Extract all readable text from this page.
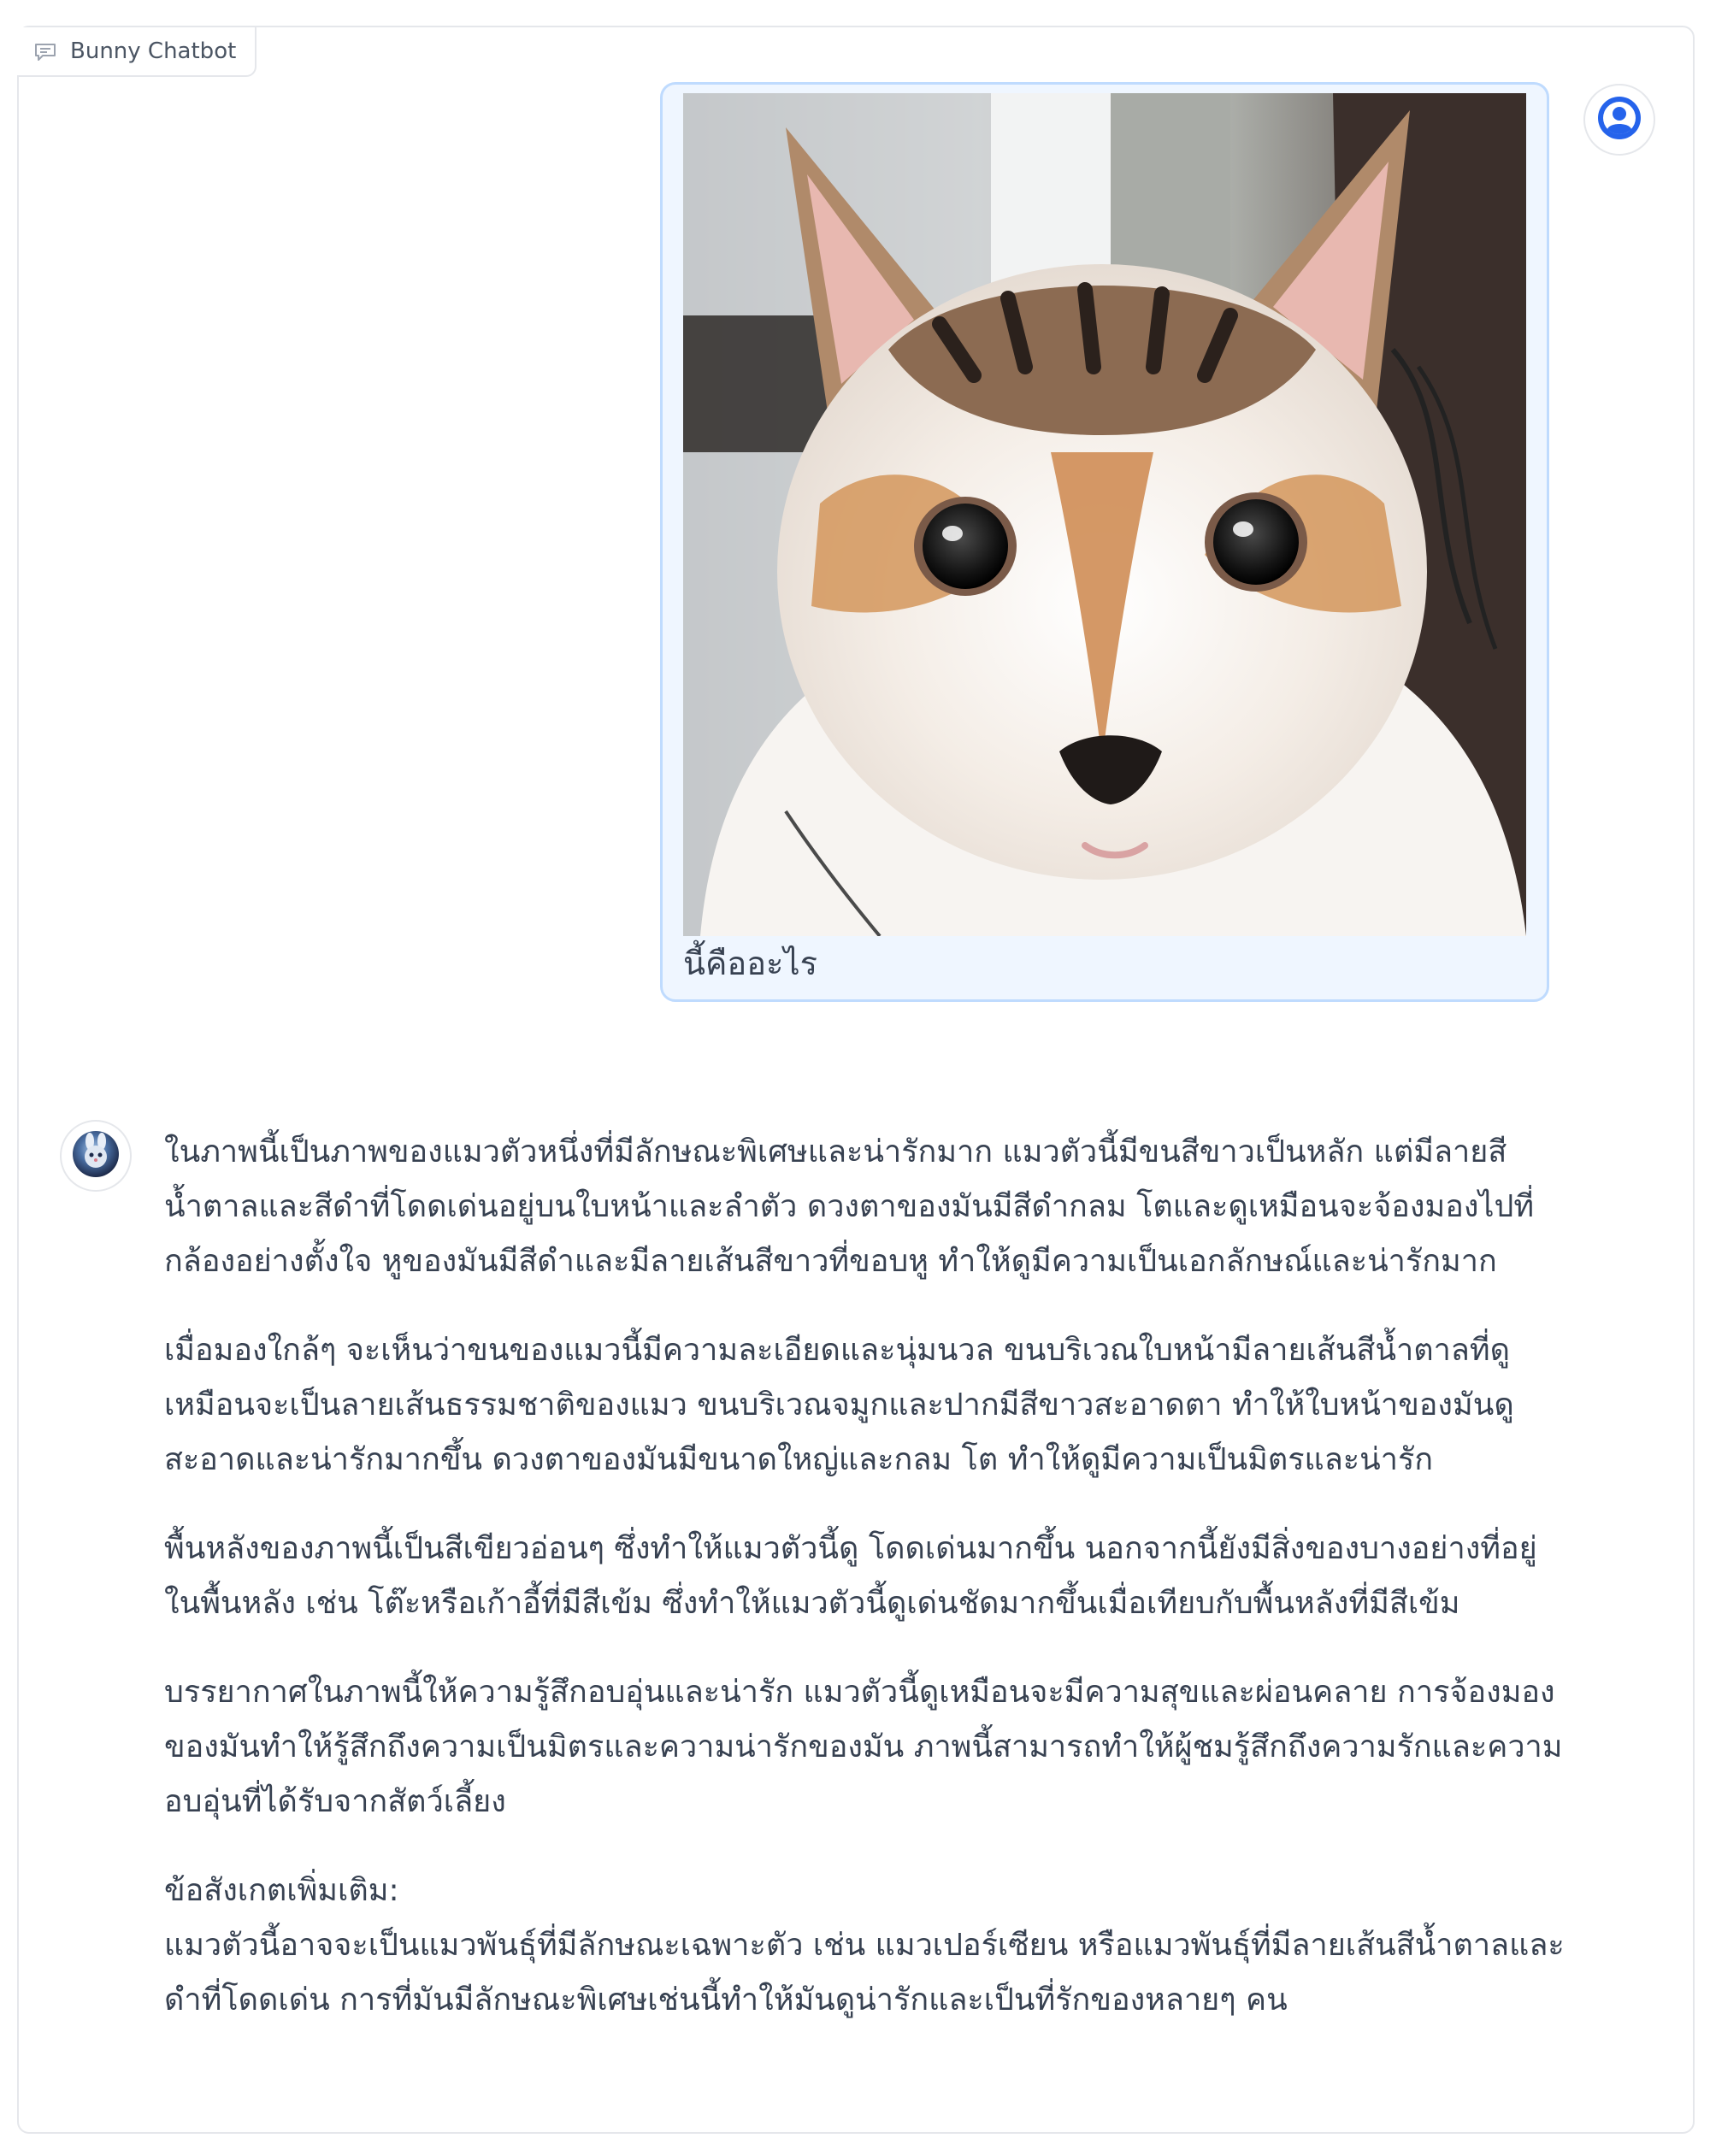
Bunny Chatbot
นี้คืออะไร

ในภาพนี้เป็นภาพของแมวตัวหนึ่งที่มีลักษณะพิเศษและน่ารักมาก แมวตัวนี้มีขนสีขาวเป็นหลัก แต่มีลายสี
น้ำตาลและสีดำที่โดดเด่นอยู่บนใบหน้าและลำตัว ดวงตาของมันมีสีดำกลม โตและดูเหมือนจะจ้องมองไปที่
กล้องอย่างตั้งใจ หูของมันมีสีดำและมีลายเส้นสีขาวที่ขอบหู ทำให้ดูมีความเป็นเอกลักษณ์และน่ารักมาก

เมื่อมองใกล้ๆ จะเห็นว่าขนของแมวนี้มีความละเอียดและนุ่มนวล ขนบริเวณใบหน้ามีลายเส้นสีน้ำตาลที่ดู
เหมือนจะเป็นลายเส้นธรรมชาติของแมว ขนบริเวณจมูกและปากมีสีขาวสะอาดตา ทำให้ใบหน้าของมันดู
สะอาดและน่ารักมากขึ้น ดวงตาของมันมีขนาดใหญ่และกลม โต ทำให้ดูมีความเป็นมิตรและน่ารัก

พื้นหลังของภาพนี้เป็นสีเขียวอ่อนๆ ซึ่งทำให้แมวตัวนี้ดู โดดเด่นมากขึ้น นอกจากนี้ยังมีสิ่งของบางอย่างที่อยู่
ในพื้นหลัง เช่น โต๊ะหรือเก้าอี้ที่มีสีเข้ม ซึ่งทำให้แมวตัวนี้ดูเด่นชัดมากขึ้นเมื่อเทียบกับพื้นหลังที่มีสีเข้ม

บรรยากาศในภาพนี้ให้ความรู้สึกอบอุ่นและน่ารัก แมวตัวนี้ดูเหมือนจะมีความสุขและผ่อนคลาย การจ้องมอง
ของมันทำให้รู้สึกถึงความเป็นมิตรและความน่ารักของมัน ภาพนี้สามารถทำให้ผู้ชมรู้สึกถึงความรักและความ
อบอุ่นที่ได้รับจากสัตว์เลี้ยง

ข้อสังเกตเพิ่มเติม:
แมวตัวนี้อาจจะเป็นแมวพันธุ์ที่มีลักษณะเฉพาะตัว เช่น แมวเปอร์เซียน หรือแมวพันธุ์ที่มีลายเส้นสีน้ำตาลและ
ดำที่โดดเด่น การที่มันมีลักษณะพิเศษเช่นนี้ทำให้มันดูน่ารักและเป็นที่รักของหลายๆ คน
